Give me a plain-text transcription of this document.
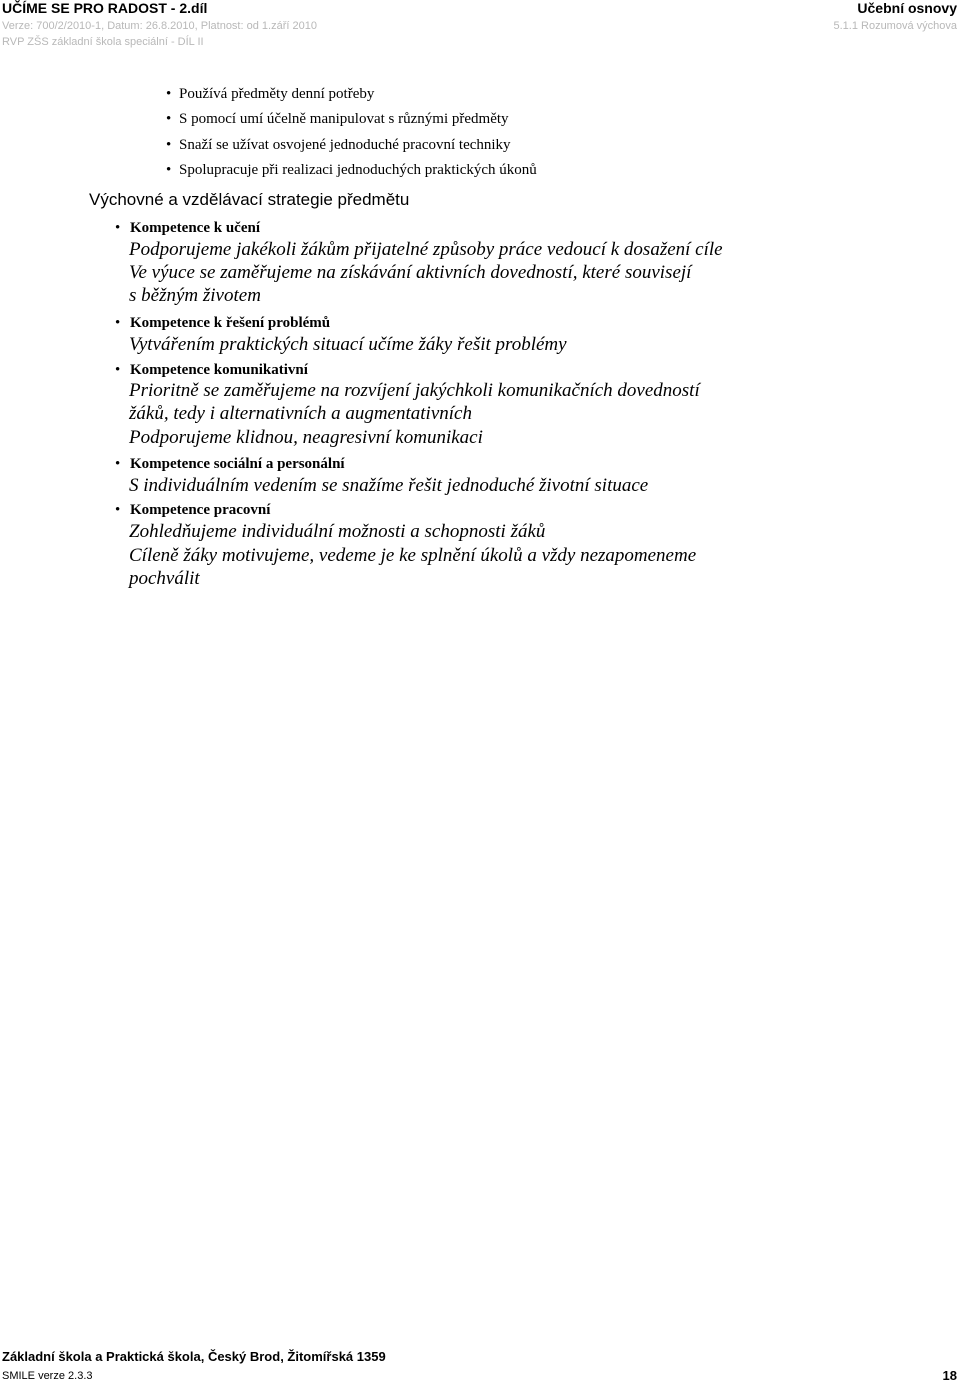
UČÍME SE PRO RADOST - 2.díl	Učební osnovy
Verze: 700/2/2010-1, Datum: 26.8.2010, Platnost: od 1.září 2010	5.1.1 Rozumová výchova
RVP ZŠS základní škola speciální - DÍL II
• Používá předměty denní potřeby
• S pomocí umí účelně manipulovat s různými předměty
• Snaží se užívat osvojené jednoduché pracovní techniky
• Spolupracuje při realizaci jednoduchých praktických úkonů
Výchovné a vzdělávací strategie předmětu
• Kompetence k učení
Podporujeme jakékoli žákům přijatelné způsoby práce vedoucí k dosažení cíle
Ve výuce se zaměřujeme na získávání aktivních dovedností, které souvisejí
s běžným životem
• Kompetence k řešení problémů
Vytvářením praktických situací učíme žáky řešit problémy
• Kompetence komunikativní
Prioritně se zaměřujeme na rozvíjení jakýchkoli komunikačních dovedností
žáků, tedy i alternativních a augmentativních
Podporujeme klidnou, neagresivní komunikaci
• Kompetence sociální a personální
S individuálním vedením se snažíme řešit jednoduché životní situace
• Kompetence pracovní
Zohledňujeme individuální možnosti a schopnosti žáků
Cíleně žáky motivujeme, vedeme je ke splnění úkolů a vždy nezapomeneme
pochválit
Základní škola a Praktická škola, Český Brod, Žitomířská 1359
SMILE verze 2.3.3	18
